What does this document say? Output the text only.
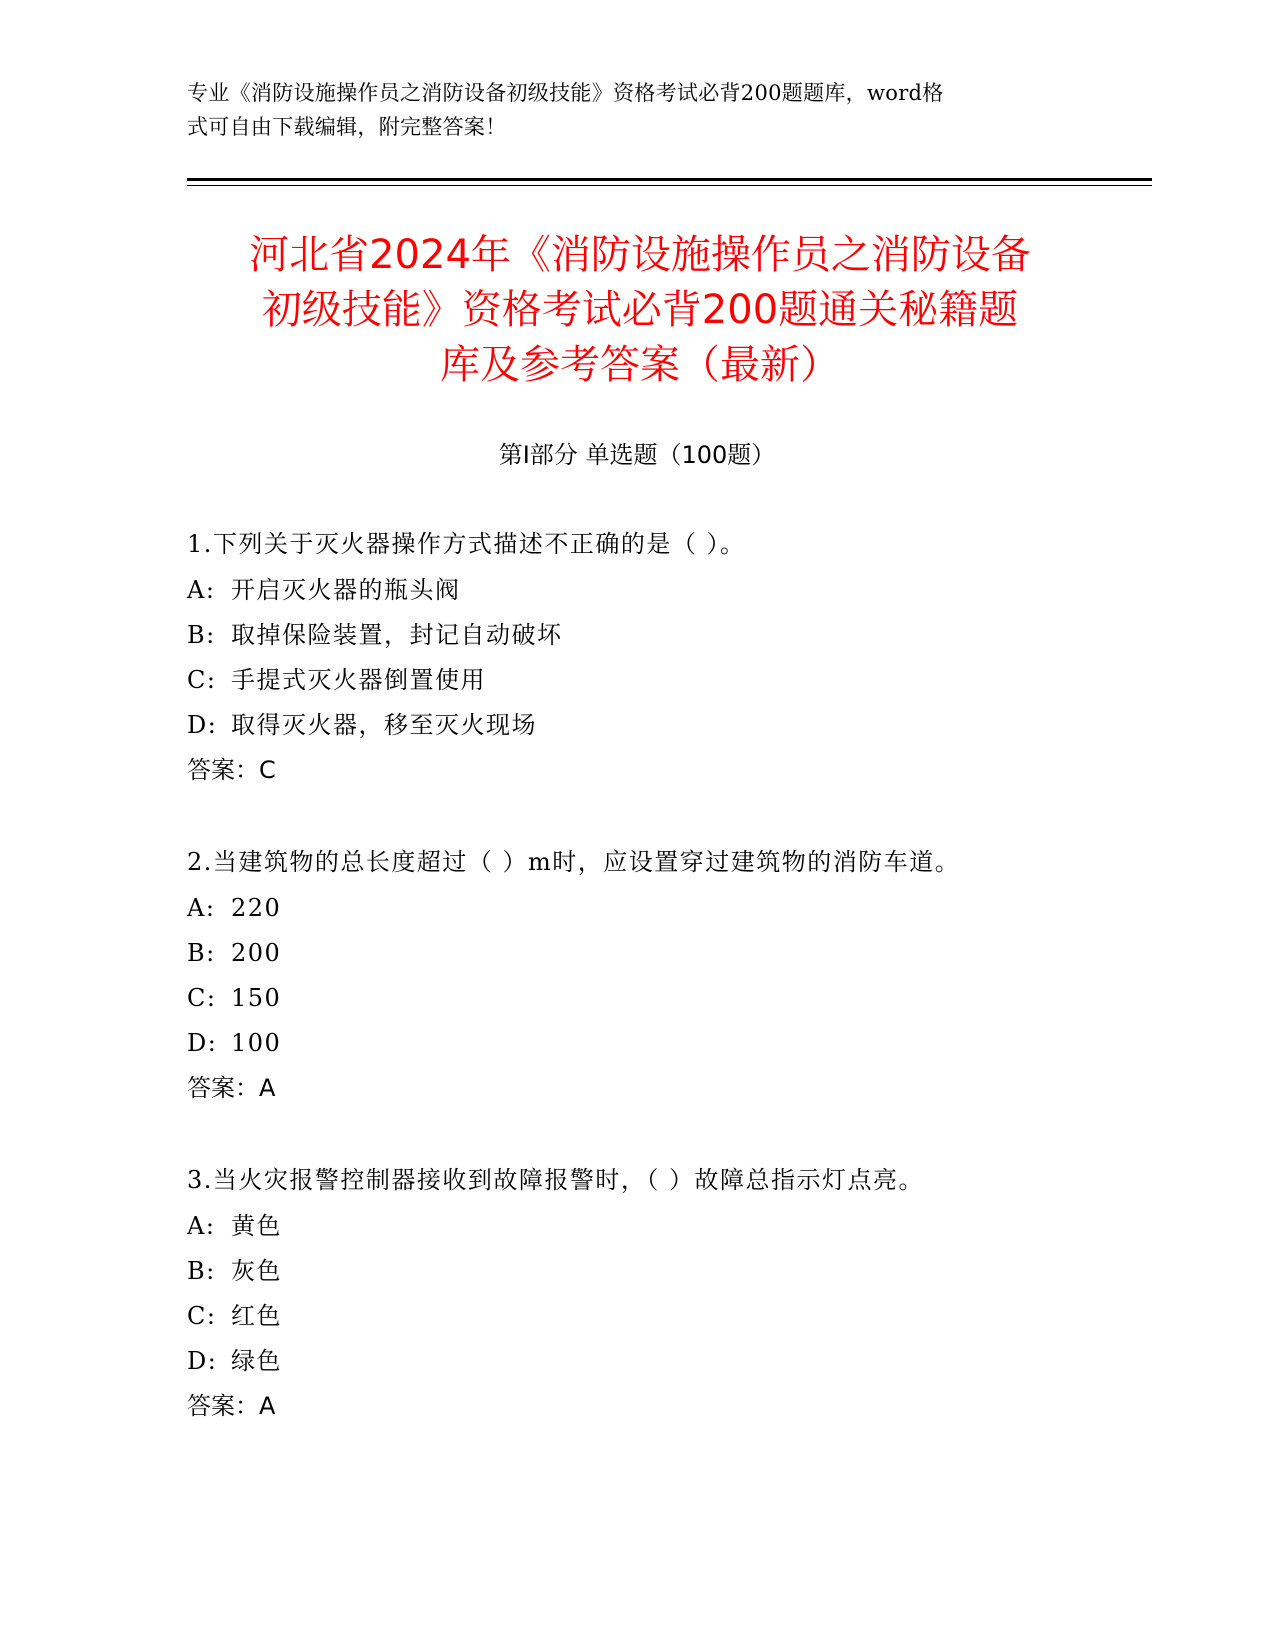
专业《消防设施操作员之消防设备初级技能》资格考试必背200题题库，word格
式可自由下载编辑，附完整答案！
河北省2024年《消防设施操作员之消防设备
初级技能》资格考试必背200题通关秘籍题
库及参考答案（最新）
第I部分 单选题（100题）
1.下列关于灭火器操作方式描述不正确的是（ ）。
A: 开启灭火器的瓶头阀
B: 取掉保险装置，封记自动破坏
C: 手提式灭火器倒置使用
D: 取得灭火器，移至灭火现场
答案：C
2.当建筑物的总长度超过（ ）m时，应设置穿过建筑物的消防车道。
A: 220
B: 200
C: 150
D: 100
答案：A
3.当火灾报警控制器接收到故障报警时，（ ）故障总指示灯点亮。
A: 黄色
B: 灰色
C: 红色
D: 绿色
答案：A
